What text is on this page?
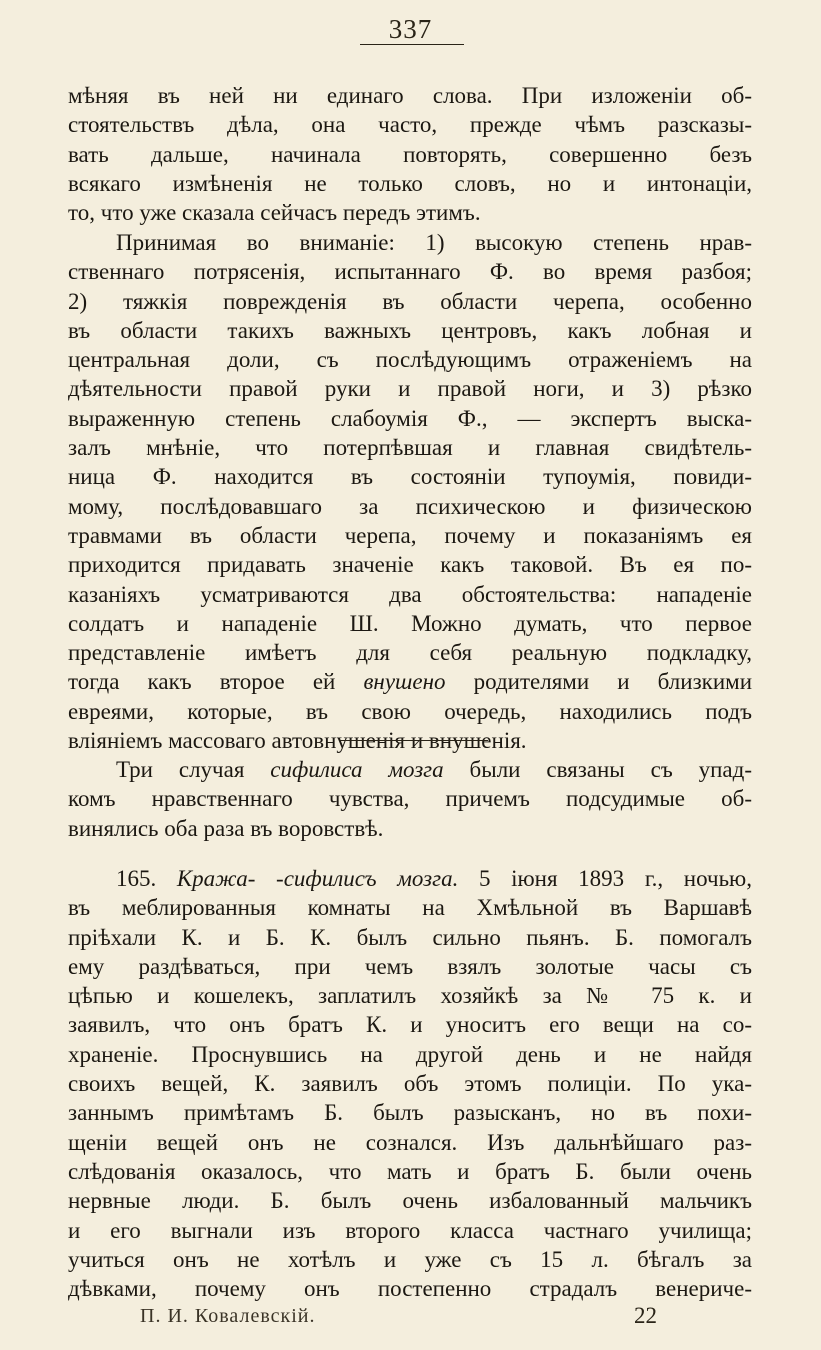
337
мѣняя въ ней ни единаго слова. При изложенiи об-
стоятельствъ дѣла, она часто, прежде чѣмъ разсказы-
вать дальше, начинала повторять, совершенно безъ
всякаго измѣненiя не только словъ, но и интонацiи,
то, что уже сказала сейчасъ передъ этимъ.
Принимая во вниманiе: 1) высокую степень нрав-
ственнаго потрясенiя, испытаннаго Ф. во время разбоя;
2) тяжкiя поврежденiя въ области черепа, особенно
въ области такихъ важныхъ центровъ, какъ лобная и
центральная доли, съ послѣдующимъ отраженiемъ на
дѣятельности правой руки и правой ноги, и 3) рѣзко
выраженную степень слабоумiя Ф., — экспертъ выска-
залъ мнѣнiе, что потерпѣвшая и главная свидѣтель-
ница Ф. находится въ состоянiи тупоумiя, повиди-
мому, послѣдовавшаго за психическою и физическою
травмами въ области черепа, почему и показанiямъ ея
приходится придавать значенiе какъ таковой. Въ ея по-
казанiяхъ усматриваются два обстоятельства: нападенiе
солдатъ и нападенiе Ш. Можно думать, что первое
представленiе имѣетъ для себя реальную подкладку,
тогда какъ второе ей внушено родителями и близкими
евреями, которые, въ свою очередь, находились подъ
влiянiемъ массоваго автовнушенiя и внушенiя.
Три случая сифилиса мозга были связаны съ упад-
комъ нравственнаго чувства, причемъ подсудимые об-
винялись оба раза въ воровствѣ.
165. Кража- -сифилисъ мозга. 5 iюня 1893 г., ночью,
въ меблированныя комнаты на Хмѣльной въ Варшавѣ
прiѣхали К. и Б. К. былъ сильно пьянъ. Б. помогалъ
ему раздѣваться, при чемъ взялъ золотые часы съ
цѣпью и кошелекъ, заплатилъ хозяйкѣ за № 75 к. и
заявилъ, что онъ братъ К. и уноситъ его вещи на со-
храненiе. Проснувшись на другой день и не найдя
своихъ вещей, К. заявилъ объ этомъ полицiи. По ука-
заннымъ примѣтамъ Б. былъ разысканъ, но въ похи-
щенiи вещей онъ не сознался. Изъ дальнѣйшаго раз-
слѣдованiя оказалось, что мать и братъ Б. были очень
нервные люди. Б. былъ очень избалованный мальчикъ
и его выгнали изъ второго класса частнаго училища;
учиться онъ не хотѣлъ и уже съ 15 л. бѣгалъ за
дѣвками, почему онъ постепенно страдалъ венериче-
П. И. Ковалевскiй.	22
